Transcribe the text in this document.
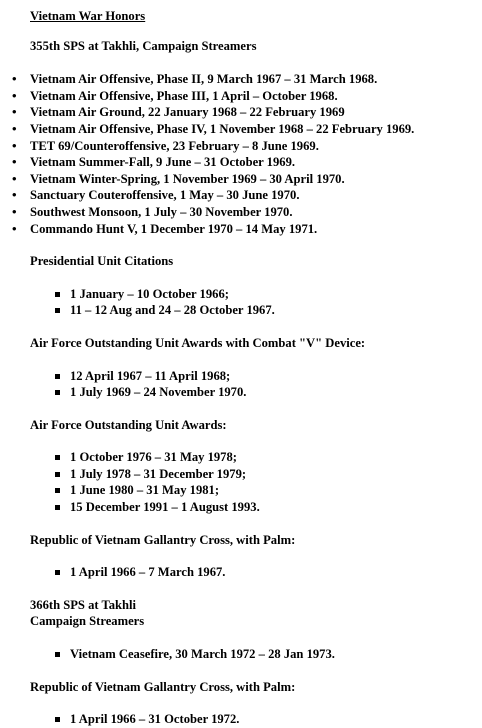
Vietnam War Honors
355th SPS at Takhli, Campaign Streamers
• Vietnam Air Offensive, Phase II, 9 March 1967 – 31 March 1968.
• Vietnam Air Offensive, Phase III, 1 April – October 1968.
• Vietnam Air Ground, 22 January 1968 – 22 February 1969
• Vietnam Air Offensive, Phase IV, 1 November 1968 – 22 February 1969.
• TET 69/Counteroffensive, 23 February – 8 June 1969.
• Vietnam Summer-Fall, 9 June – 31 October 1969.
• Vietnam Winter-Spring, 1 November 1969 – 30 April 1970.
• Sanctuary Couteroffensive, 1 May – 30 June 1970.
• Southwest Monsoon, 1 July – 30 November 1970.
• Commando Hunt V, 1 December 1970 – 14 May 1971.
Presidential Unit Citations
1 January – 10 October 1966;
11 – 12 Aug and 24 – 28 October 1967.
Air Force Outstanding Unit Awards with Combat "V" Device:
12 April 1967 – 11 April 1968;
1 July 1969 – 24 November 1970.
Air Force Outstanding Unit Awards:
1 October 1976 – 31 May 1978;
1 July 1978 – 31 December 1979;
1 June 1980 – 31 May 1981;
15 December 1991 – 1 August 1993.
Republic of Vietnam Gallantry Cross, with Palm:
1 April 1966 – 7 March 1967.
366th SPS at Takhli
Campaign Streamers
Vietnam Ceasefire, 30 March 1972 – 28 Jan 1973.
Republic of Vietnam Gallantry Cross, with Palm:
1 April 1966 – 31 October 1972.
